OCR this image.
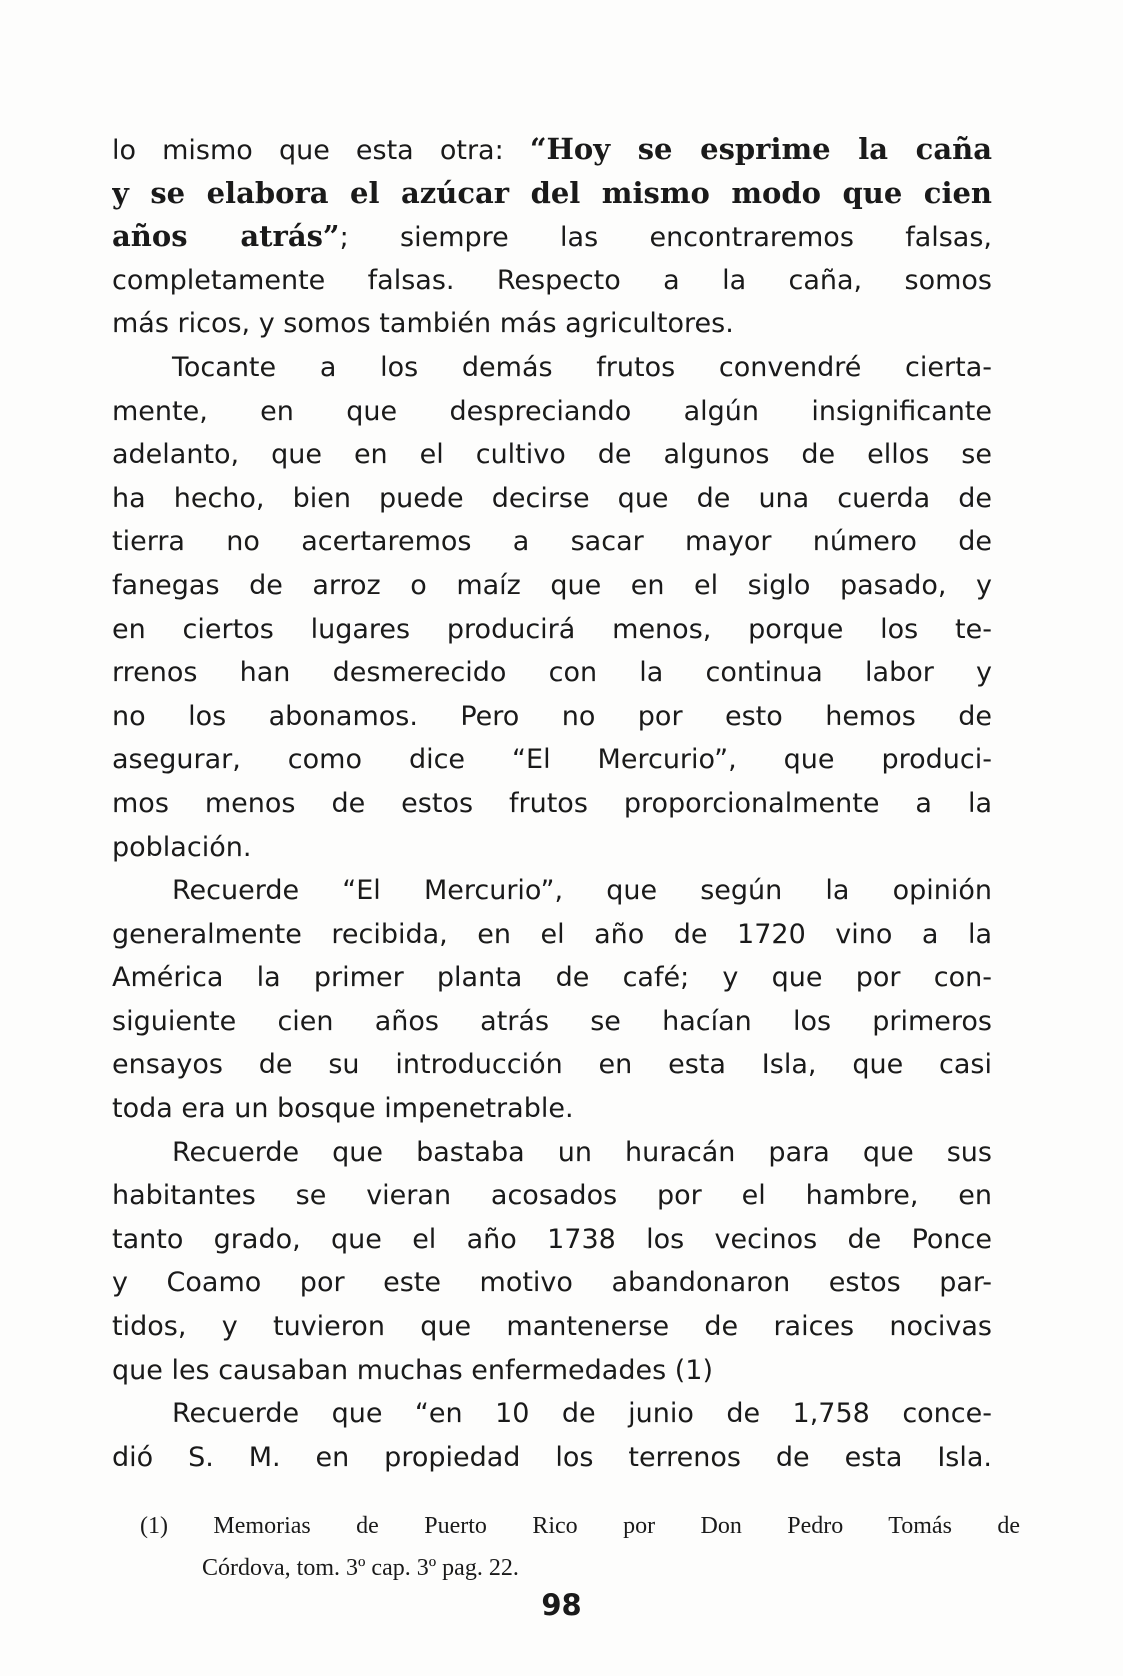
lo mismo que esta otra: “Hoy se esprime la caña
y se elabora el azúcar del mismo modo que cien
años atrás”; siempre las encontraremos falsas,
completamente falsas. Respecto a la caña, somos
más ricos, y somos también más agricultores.
Tocante a los demás frutos convendré cierta-
mente, en que despreciando algún insignificante
adelanto, que en el cultivo de algunos de ellos se
ha hecho, bien puede decirse que de una cuerda de
tierra no acertaremos a sacar mayor número de
fanegas de arroz o maíz que en el siglo pasado, y
en ciertos lugares producirá menos, porque los te-
rrenos han desmerecido con la continua labor y
no los abonamos. Pero no por esto hemos de
asegurar, como dice “El Mercurio”, que produci-
mos menos de estos frutos proporcionalmente a la
población.
Recuerde “El Mercurio”, que según la opinión
generalmente recibida, en el año de 1720 vino a la
América la primer planta de café; y que por con-
siguiente cien años atrás se hacían los primeros
ensayos de su introducción en esta Isla, que casi
toda era un bosque impenetrable.
Recuerde que bastaba un huracán para que sus
habitantes se vieran acosados por el hambre, en
tanto grado, que el año 1738 los vecinos de Ponce
y Coamo por este motivo abandonaron estos par-
tidos, y tuvieron que mantenerse de raices nocivas
que les causaban muchas enfermedades (1)
Recuerde que “en 10 de junio de 1,758 conce-
dió S. M. en propiedad los terrenos de esta Isla.
(1) Memorias de Puerto Rico por Don Pedro Tomás de
Córdova, tom. 3º cap. 3º pag. 22.
98
